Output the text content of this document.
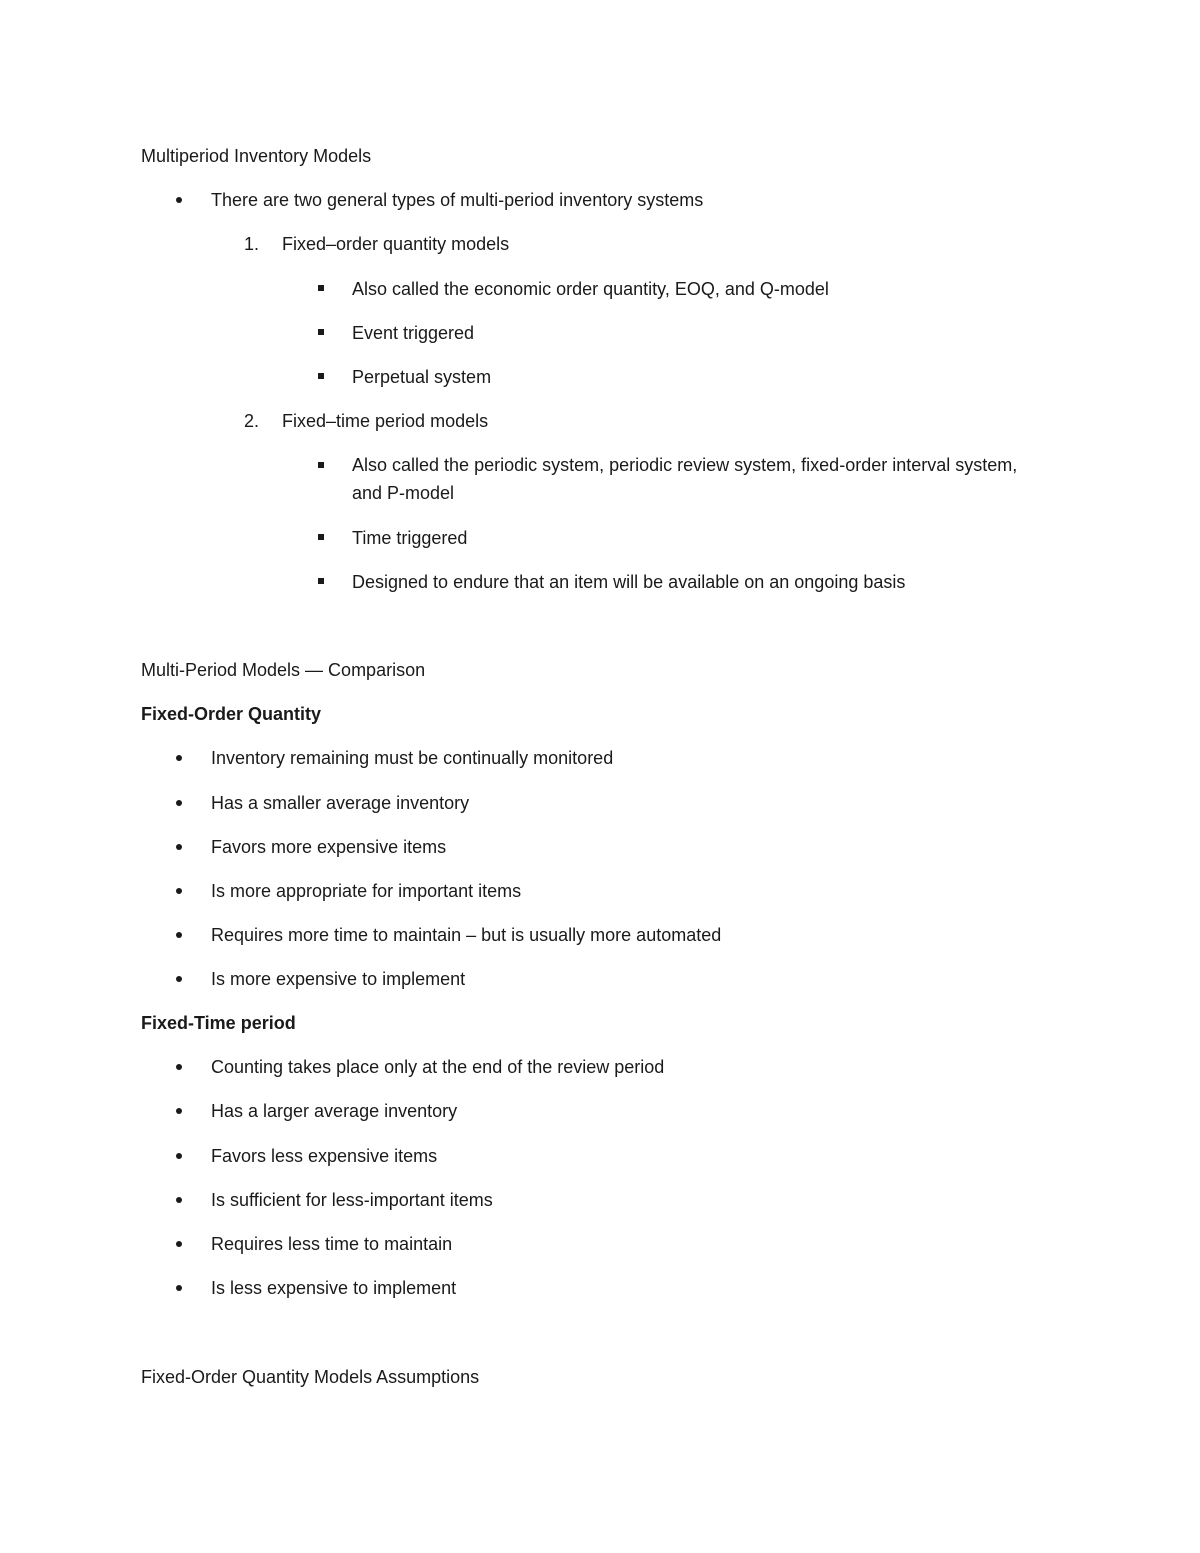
Multiperiod Inventory Models
There are two general types of multi-period inventory systems
1. Fixed–order quantity models
Also called the economic order quantity, EOQ, and Q-model
Event triggered
Perpetual system
2. Fixed–time period models
Also called the periodic system, periodic review system, fixed-order interval system, and P-model
Time triggered
Designed to endure that an item will be available on an ongoing basis
Multi-Period Models — Comparison
Fixed-Order Quantity
Inventory remaining must be continually monitored
Has a smaller average inventory
Favors more expensive items
Is more appropriate for important items
Requires more time to maintain – but is usually more automated
Is more expensive to implement
Fixed-Time period
Counting takes place only at the end of the review period
Has a larger average inventory
Favors less expensive items
Is sufficient for less-important items
Requires less time to maintain
Is less expensive to implement
Fixed-Order Quantity Models Assumptions
